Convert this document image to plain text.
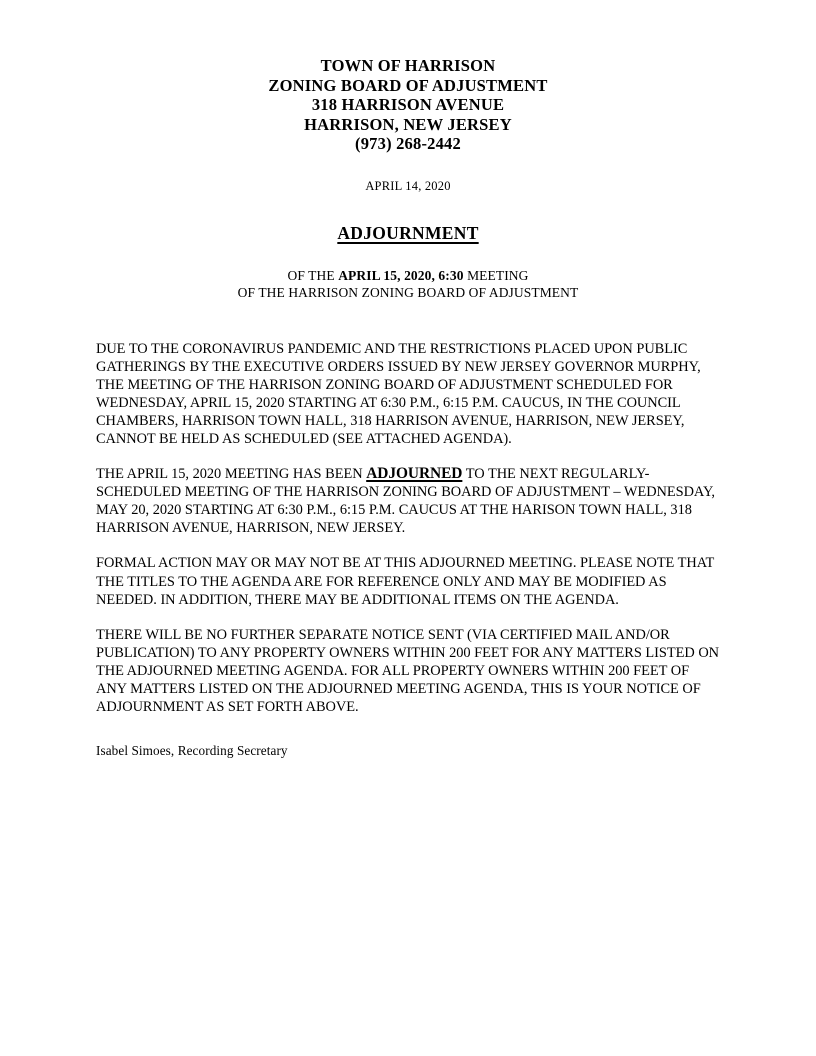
TOWN OF HARRISON
ZONING BOARD OF ADJUSTMENT
318 HARRISON AVENUE
HARRISON, NEW JERSEY
(973) 268-2442
APRIL 14, 2020
ADJOURNMENT
OF THE APRIL 15, 2020, 6:30 MEETING
OF THE HARRISON ZONING BOARD OF ADJUSTMENT

DUE TO THE CORONAVIRUS PANDEMIC AND THE RESTRICTIONS PLACED UPON PUBLIC GATHERINGS BY THE EXECUTIVE ORDERS ISSUED BY NEW JERSEY GOVERNOR MURPHY, THE MEETING OF THE HARRISON ZONING BOARD OF ADJUSTMENT SCHEDULED FOR WEDNESDAY, APRIL 15, 2020 STARTING AT 6:30 P.M., 6:15 P.M. CAUCUS, IN THE COUNCIL CHAMBERS, HARRISON TOWN HALL, 318 HARRISON AVENUE, HARRISON, NEW JERSEY, CANNOT BE HELD AS SCHEDULED (SEE ATTACHED AGENDA).

THE APRIL 15, 2020 MEETING HAS BEEN ADJOURNED TO THE NEXT REGULARLY-SCHEDULED MEETING OF THE HARRISON ZONING BOARD OF ADJUSTMENT – WEDNESDAY, MAY 20, 2020 STARTING AT 6:30 P.M., 6:15 P.M. CAUCUS AT THE HARISON TOWN HALL, 318 HARRISON AVENUE, HARRISON, NEW JERSEY.

FORMAL ACTION MAY OR MAY NOT BE AT THIS ADJOURNED MEETING. PLEASE NOTE THAT THE TITLES TO THE AGENDA ARE FOR REFERENCE ONLY AND MAY BE MODIFIED AS NEEDED. IN ADDITION, THERE MAY BE ADDITIONAL ITEMS ON THE AGENDA.

THERE WILL BE NO FURTHER SEPARATE NOTICE SENT (VIA CERTIFIED MAIL AND/OR PUBLICATION) TO ANY PROPERTY OWNERS WITHIN 200 FEET FOR ANY MATTERS LISTED ON THE ADJOURNED MEETING AGENDA. FOR ALL PROPERTY OWNERS WITHIN 200 FEET OF ANY MATTERS LISTED ON THE ADJOURNED MEETING AGENDA, THIS IS YOUR NOTICE OF ADJOURNMENT AS SET FORTH ABOVE.

Isabel Simoes, Recording Secretary
